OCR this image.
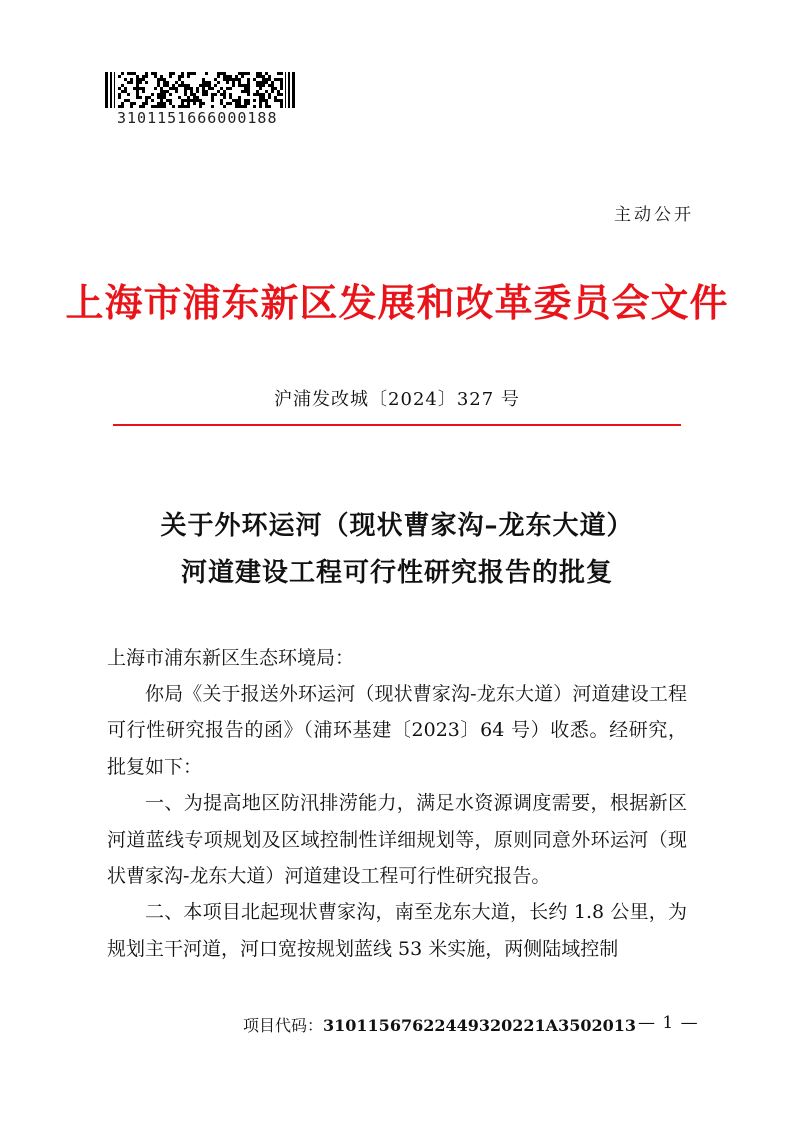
3101151666000188
主动公开
上海市浦东新区发展和改革委员会文件
沪浦发改城〔2024〕327 号
关于外环运河（现状曹家沟–龙东大道）
河道建设工程可行性研究报告的批复
上海市浦东新区生态环境局：

你局《关于报送外环运河（现状曹家沟-龙东大道）河道建设工程可行性研究报告的函》（浦环基建〔2023〕64 号）收悉。经研究，批复如下：

一、为提高地区防汛排涝能力，满足水资源调度需要，根据新区河道蓝线专项规划及区域控制性详细规划等，原则同意外环运河（现状曹家沟-龙东大道）河道建设工程可行性研究报告。

二、本项目北起现状曹家沟，南至龙东大道，长约 1.8 公里，为规划主干河道，河口宽按规划蓝线 53 米实施，两侧陆域控制

项目代码：31011567622449320221A3502013 — 1 —
